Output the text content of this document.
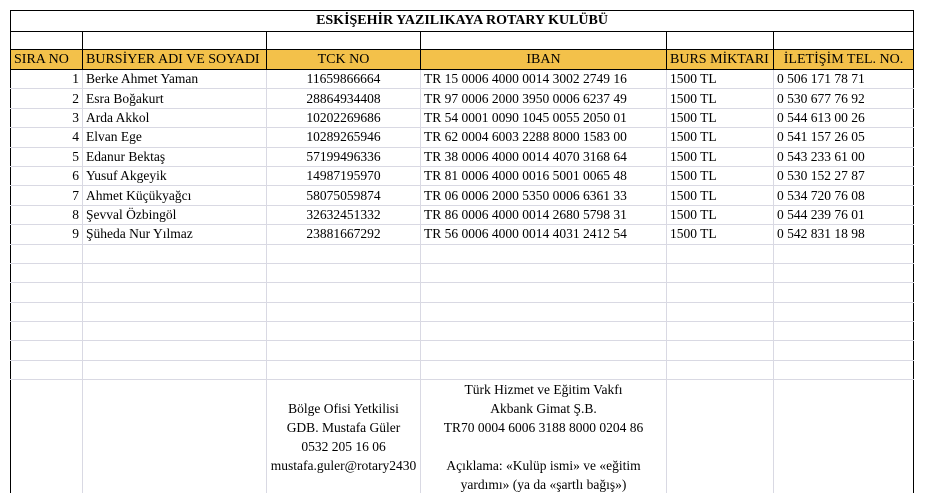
ESKİŞEHİR YAZILIKAYA ROTARY KULÜBÜ					

SIRA NO	BURSİYER ADI VE SOYADI	TCK NO	IBAN	BURS MİKTARI	İLETİŞİM TEL. NO.
1	Berke Ahmet Yaman	11659866664	TR 15 0006 4000 0014 3002 2749 16	1500 TL	0 506 171 78 71
2	Esra Boğakurt	28864934408	TR 97 0006 2000 3950 0006 6237 49	1500 TL	0 530 677 76 92
3	Arda Akkol	10202269686	TR 54 0001 0090 1045 0055 2050 01	1500 TL	0 544 613 00 26
4	Elvan Ege	10289265946	TR 62 0004 6003 2288 8000 1583 00	1500 TL	0 541 157 26 05
5	Edanur Bektaş	57199496336	TR 38 0006 4000 0014 4070 3168 64	1500 TL	0 543 233 61 00
6	Yusuf Akgeyik	14987195970	TR 81 0006 4000 0016 5001 0065 48	1500 TL	0 530 152 27 87
7	Ahmet Küçükyağcı	58075059874	TR 06 0006 2000 5350 0006 6361 33	1500 TL	0 534 720 76 08
8	Şevval Özbingöl	32632451332	TR 86 0006 4000 0014 2680 5798 31	1500 TL	0 544 239 76 01
9	Şüheda Nur Yılmaz	23881667292	TR 56 0006 4000 0014 4031 2412 54	1500 TL	0 542 831 18 98

		Bölge Ofisi Yetkilisi
GDB. Mustafa Güler
0532 205 16 06
mustafa.guler@rotary2430	Türk Hizmet ve Eğitim Vakfı
Akbank Gimat Ş.B.
TR70 0004 6006 3188 8000 0204 86
Açıklama: «Kulüp ismi» ve «eğitim
yardımı» (ya da «şartlı bağış»)		
